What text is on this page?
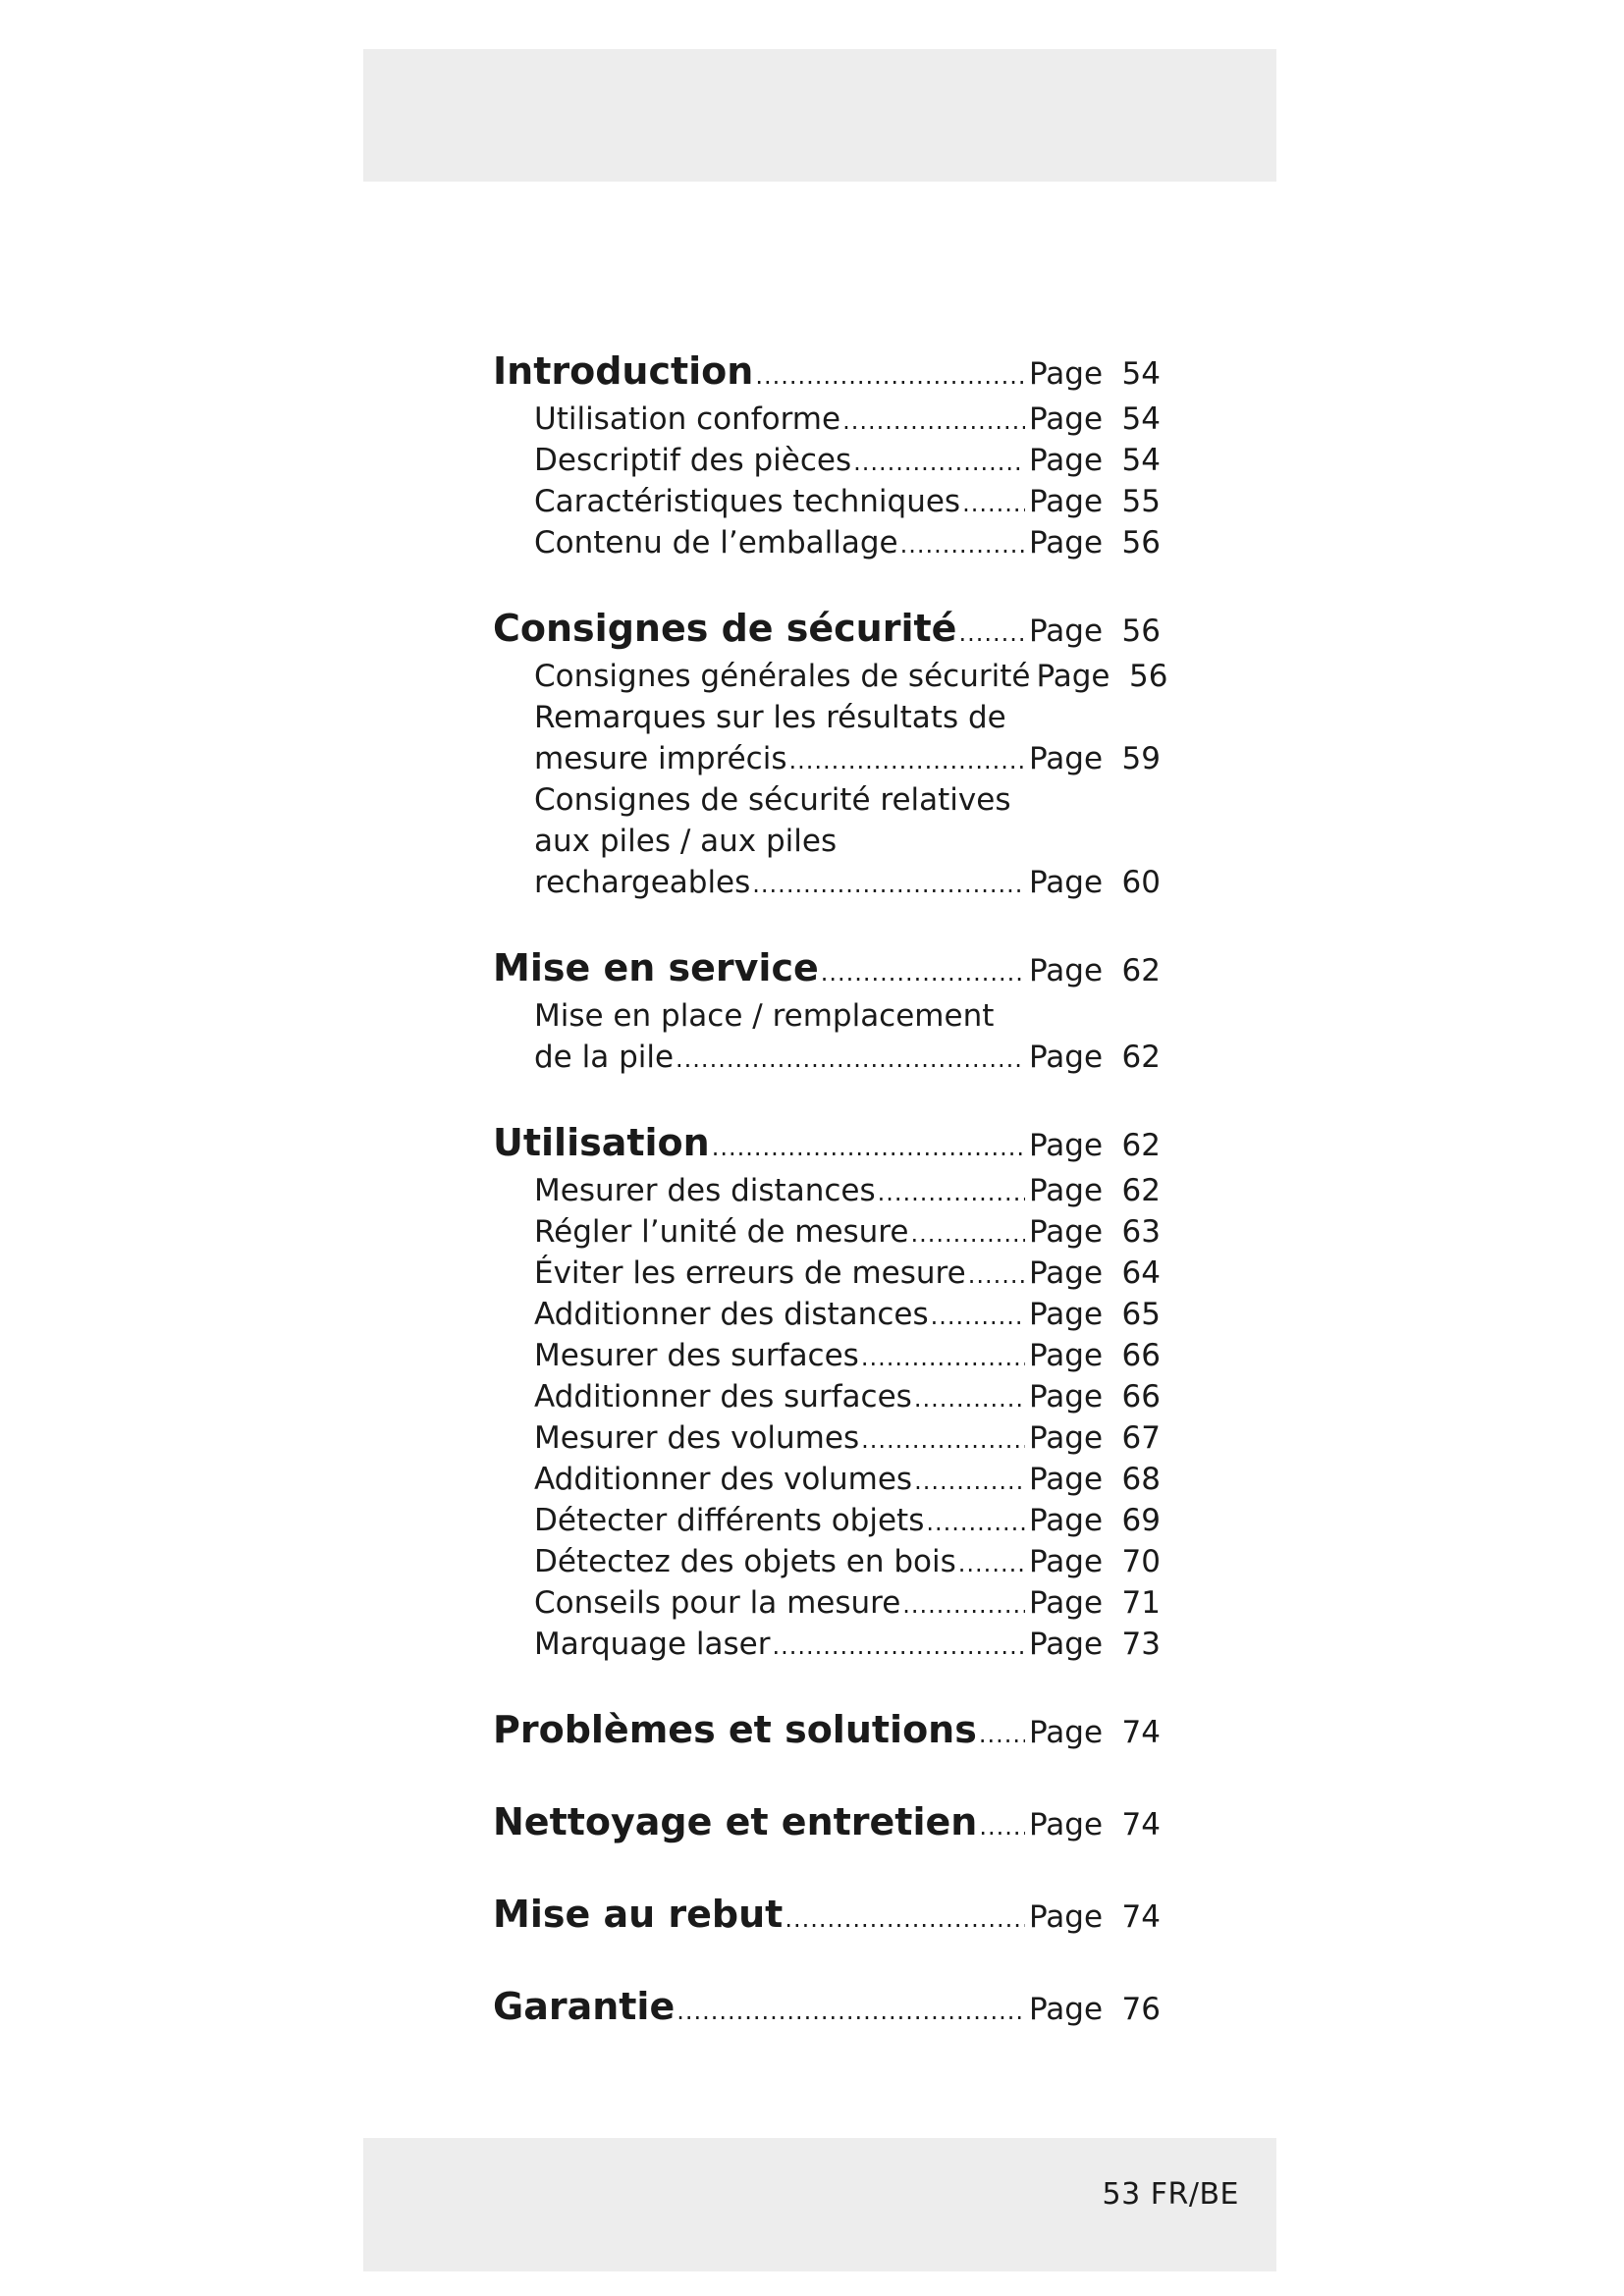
Introduction .....	Page 54
Utilisation conforme .....	Page 54
Descriptif des pièces .....	Page 54
Caractéristiques techniques ..... Page 55
Contenu de l’emballage .....	Page 56
Consignes de sécurité ..... Page 56
Consignes générales de sécurité Page 56
Remarques sur les résultats de
mesure imprécis .....	Page 59
Consignes de sécurité relatives
aux piles / aux piles
rechargeables .....	Page 60
Mise en service .....	Page 62
Mise en place / remplacement
de la pile .....	Page 62
Utilisation .....	Page 62
Mesurer des distances .....	Page 62
Régler l’unité de mesure .....	Page 63
Éviter les erreurs de mesure ..... Page 64
Additionner des distances .....	Page 65
Mesurer des surfaces .....	Page 66
Additionner des surfaces .....	Page 66
Mesurer des volumes .....	Page 67
Additionner des volumes .....	Page 68
Détecter différents objets .....	Page 69
Détectez des objets en bois ..... Page 70
Conseils pour la mesure .....	Page 71
Marquage laser .....	Page 73
Problèmes et solutions ..... Page 74
Nettoyage et entretien ..... Page 74
Mise au rebut .....	Page 74
Garantie .....	Page 76
53 FR/BE
